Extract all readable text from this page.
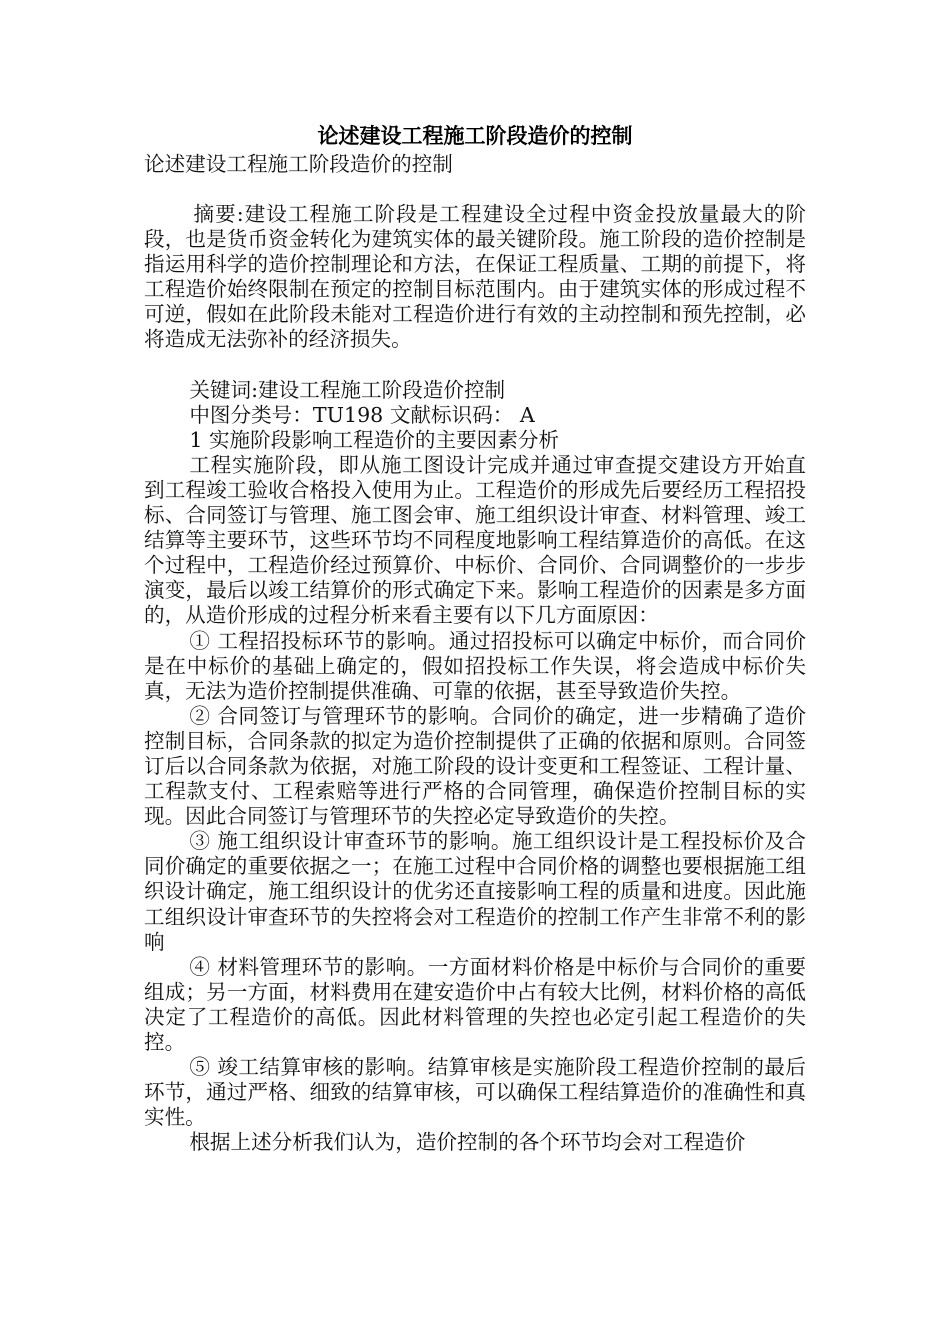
论述建设工程施工阶段造价的控制

论述建设工程施工阶段造价的控制

摘要:建设工程施工阶段是工程建设全过程中资金投放量最大的阶段，也是货币资金转化为建筑实体的最关键阶段。施工阶段的造价控制是指运用科学的造价控制理论和方法，在保证工程质量、工期的前提下，将工程造价始终限制在预定的控制目标范围内。由于建筑实体的形成过程不可逆，假如在此阶段未能对工程造价进行有效的主动控制和预先控制，必将造成无法弥补的经济损失。

关键词:建设工程施工阶段造价控制

中图分类号：TU198 文献标识码： A

1 实施阶段影响工程造价的主要因素分析

工程实施阶段，即从施工图设计完成并通过审查提交建设方开始直到工程竣工验收合格投入使用为止。工程造价的形成先后要经历工程招投标、合同签订与管理、施工图会审、施工组织设计审查、材料管理、竣工结算等主要环节，这些环节均不同程度地影响工程结算造价的高低。在这个过程中，工程造价经过预算价、中标价、合同价、合同调整价的一步步演变，最后以竣工结算价的形式确定下来。影响工程造价的因素是多方面的，从造价形成的过程分析来看主要有以下几方面原因：

① 工程招投标环节的影响。通过招投标可以确定中标价，而合同价是在中标价的基础上确定的，假如招投标工作失误，将会造成中标价失真，无法为造价控制提供准确、可靠的依据，甚至导致造价失控。

② 合同签订与管理环节的影响。合同价的确定，进一步精确了造价控制目标，合同条款的拟定为造价控制提供了正确的依据和原则。合同签订后以合同条款为依据，对施工阶段的设计变更和工程签证、工程计量、工程款支付、工程索赔等进行严格的合同管理，确保造价控制目标的实现。因此合同签订与管理环节的失控必定导致造价的失控。

③ 施工组织设计审查环节的影响。施工组织设计是工程投标价及合同价确定的重要依据之一；在施工过程中合同价格的调整也要根据施工组织设计确定，施工组织设计的优劣还直接影响工程的质量和进度。因此施工组织设计审查环节的失控将会对工程造价的控制工作产生非常不利的影响

④ 材料管理环节的影响。一方面材料价格是中标价与合同价的重要组成；另一方面，材料费用在建安造价中占有较大比例，材料价格的高低决定了工程造价的高低。因此材料管理的失控也必定引起工程造价的失控。

⑤ 竣工结算审核的影响。结算审核是实施阶段工程造价控制的最后环节，通过严格、细致的结算审核，可以确保工程结算造价的准确性和真实性。

根据上述分析我们认为，造价控制的各个环节均会对工程造价
